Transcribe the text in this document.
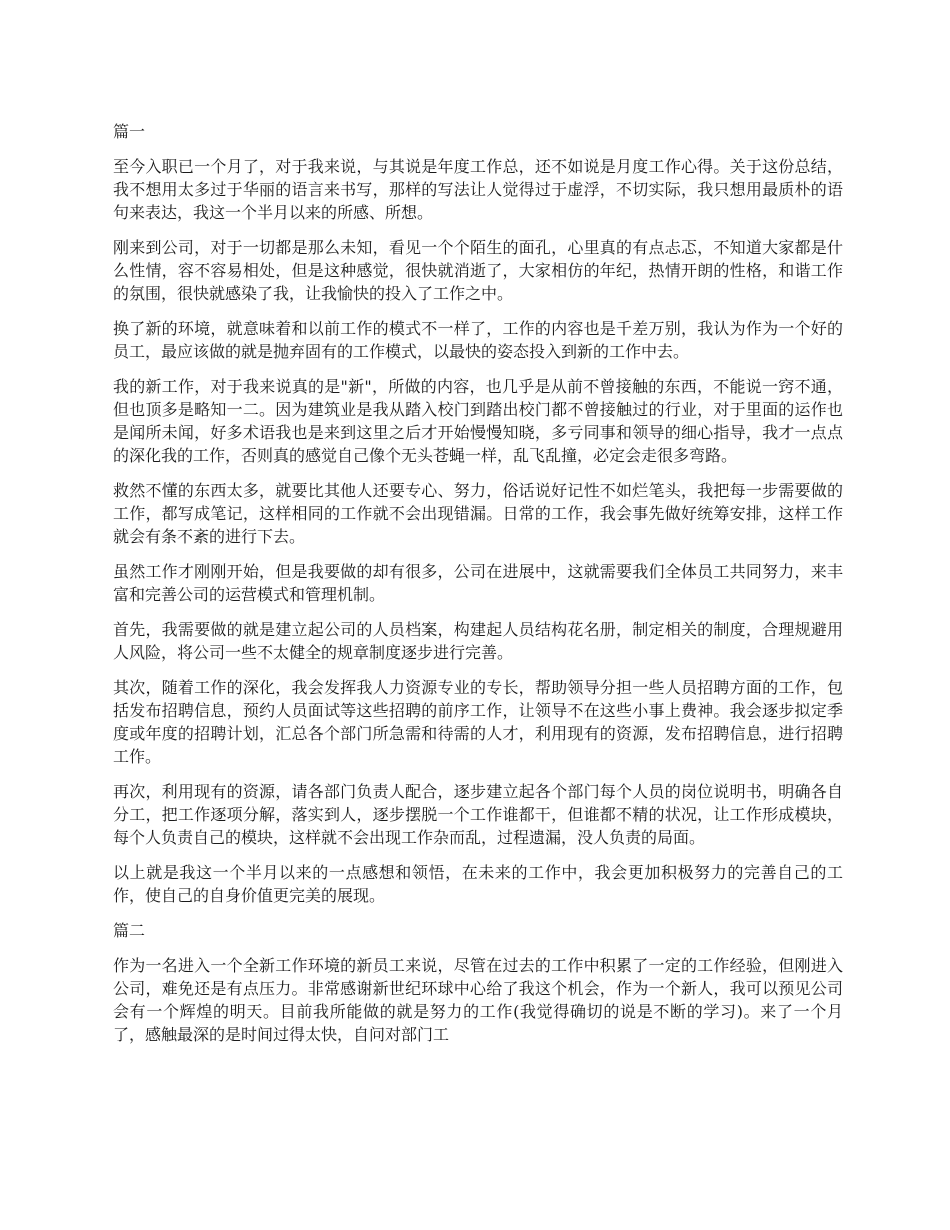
篇一
至今入职已一个月了，对于我来说，与其说是年度工作总，还不如说是月度工作心得。关于这份总结，我不想用太多过于华丽的语言来书写，那样的写法让人觉得过于虚浮，不切实际，我只想用最质朴的语句来表达，我这一个半月以来的所感、所想。
刚来到公司，对于一切都是那么未知，看见一个个陌生的面孔，心里真的有点忐忑，不知道大家都是什么性情，容不容易相处，但是这种感觉，很快就消逝了，大家相仿的年纪，热情开朗的性格，和谐工作的氛围，很快就感染了我，让我愉快的投入了工作之中。
换了新的环境，就意味着和以前工作的模式不一样了，工作的内容也是千差万别，我认为作为一个好的员工，最应该做的就是抛弃固有的工作模式，以最快的姿态投入到新的工作中去。
我的新工作，对于我来说真的是"新"，所做的内容，也几乎是从前不曾接触的东西，不能说一窍不通，但也顶多是略知一二。因为建筑业是我从踏入校门到踏出校门都不曾接触过的行业，对于里面的运作也是闻所未闻，好多术语我也是来到这里之后才开始慢慢知晓，多亏同事和领导的细心指导，我才一点点的深化我的工作，否则真的感觉自己像个无头苍蝇一样，乱飞乱撞，必定会走很多弯路。
救然不懂的东西太多，就要比其他人还要专心、努力，俗话说好记性不如烂笔头，我把每一步需要做的工作，都写成笔记，这样相同的工作就不会出现错漏。日常的工作，我会事先做好统筹安排，这样工作就会有条不紊的进行下去。
虽然工作才刚刚开始，但是我要做的却有很多，公司在进展中，这就需要我们全体员工共同努力，来丰富和完善公司的运营模式和管理机制。
首先，我需要做的就是建立起公司的人员档案，构建起人员结构花名册，制定相关的制度，合理规避用人风险，将公司一些不太健全的规章制度逐步进行完善。
其次，随着工作的深化，我会发挥我人力资源专业的专长，帮助领导分担一些人员招聘方面的工作，包括发布招聘信息，预约人员面试等这些招聘的前序工作，让领导不在这些小事上费神。我会逐步拟定季度或年度的招聘计划，汇总各个部门所急需和待需的人才，利用现有的资源，发布招聘信息，进行招聘工作。
再次，利用现有的资源，请各部门负责人配合，逐步建立起各个部门每个人员的岗位说明书，明确各自分工，把工作逐项分解，落实到人，逐步摆脱一个工作谁都干，但谁都不精的状况，让工作形成模块，每个人负责自己的模块，这样就不会出现工作杂而乱，过程遗漏，没人负责的局面。
以上就是我这一个半月以来的一点感想和领悟，在未来的工作中，我会更加积极努力的完善自己的工作，使自己的自身价值更完美的展现。
篇二
作为一名进入一个全新工作环境的新员工来说，尽管在过去的工作中积累了一定的工作经验，但刚进入公司，难免还是有点压力。非常感谢新世纪环球中心给了我这个机会，作为一个新人，我可以预见公司会有一个辉煌的明天。目前我所能做的就是努力的工作(我觉得确切的说是不断的学习)。来了一个月了，感触最深的是时间过得太快，自问对部门工
